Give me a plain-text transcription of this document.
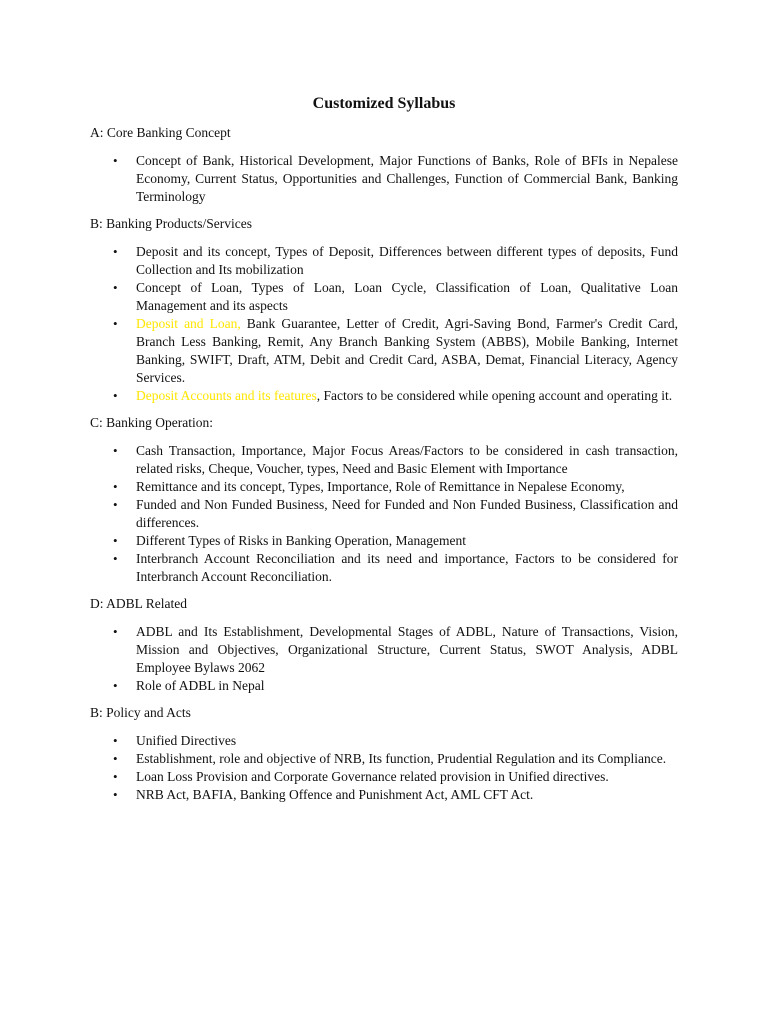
Customized Syllabus
A: Core Banking Concept
• Concept of Bank, Historical Development, Major Functions of Banks, Role of BFIs in Nepalese Economy, Current Status, Opportunities and Challenges, Function of Commercial Bank, Banking Terminology
B: Banking Products/Services
• Deposit and its concept, Types of Deposit, Differences between different types of deposits, Fund Collection and Its mobilization
• Concept of Loan, Types of Loan, Loan Cycle, Classification of Loan, Qualitative Loan Management and its aspects
• Deposit and Loan, Bank Guarantee, Letter of Credit, Agri-Saving Bond, Farmer's Credit Card, Branch Less Banking, Remit, Any Branch Banking System (ABBS), Mobile Banking, Internet Banking, SWIFT, Draft, ATM, Debit and Credit Card, ASBA, Demat, Financial Literacy, Agency Services.
• Deposit Accounts and its features, Factors to be considered while opening account and operating it.
C: Banking Operation:
• Cash Transaction, Importance, Major Focus Areas/Factors to be considered in cash transaction, related risks, Cheque, Voucher, types, Need and Basic Element with Importance
• Remittance and its concept, Types, Importance, Role of Remittance in Nepalese Economy,
• Funded and Non Funded Business, Need for Funded and Non Funded Business, Classification and differences.
• Different Types of Risks in Banking Operation, Management
• Interbranch Account Reconciliation and its need and importance, Factors to be considered for Interbranch Account Reconciliation.
D: ADBL Related
• ADBL and Its Establishment, Developmental Stages of ADBL, Nature of Transactions, Vision, Mission and Objectives, Organizational Structure, Current Status, SWOT Analysis, ADBL Employee Bylaws 2062
• Role of ADBL in Nepal
B: Policy and Acts
• Unified Directives
• Establishment, role and objective of NRB, Its function, Prudential Regulation and its Compliance.
• Loan Loss Provision and Corporate Governance related provision in Unified directives.
• NRB Act, BAFIA, Banking Offence and Punishment Act, AML CFT Act.
